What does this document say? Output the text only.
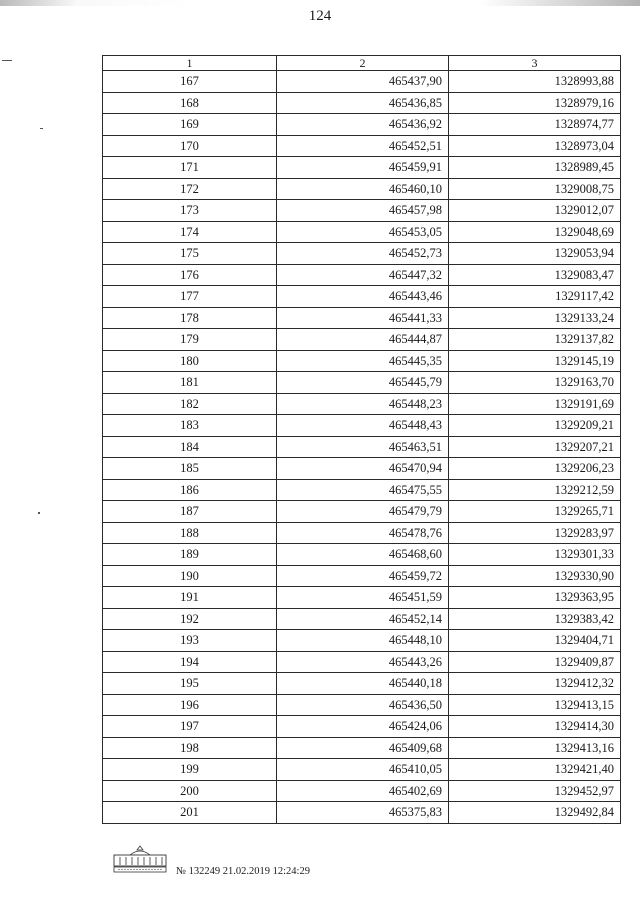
124
1	2	3
167	465437,90	1328993,88
168	465436,85	1328979,16
169	465436,92	1328974,77
170	465452,51	1328973,04
171	465459,91	1328989,45
172	465460,10	1329008,75
173	465457,98	1329012,07
174	465453,05	1329048,69
175	465452,73	1329053,94
176	465447,32	1329083,47
177	465443,46	1329117,42
178	465441,33	1329133,24
179	465444,87	1329137,82
180	465445,35	1329145,19
181	465445,79	1329163,70
182	465448,23	1329191,69
183	465448,43	1329209,21
184	465463,51	1329207,21
185	465470,94	1329206,23
186	465475,55	1329212,59
187	465479,79	1329265,71
188	465478,76	1329283,97
189	465468,60	1329301,33
190	465459,72	1329330,90
191	465451,59	1329363,95
192	465452,14	1329383,42
193	465448,10	1329404,71
194	465443,26	1329409,87
195	465440,18	1329412,32
196	465436,50	1329413,15
197	465424,06	1329414,30
198	465409,68	1329413,16
199	465410,05	1329421,40
200	465402,69	1329452,97
201	465375,83	1329492,84
№ 132249 21.02.2019 12:24:29
